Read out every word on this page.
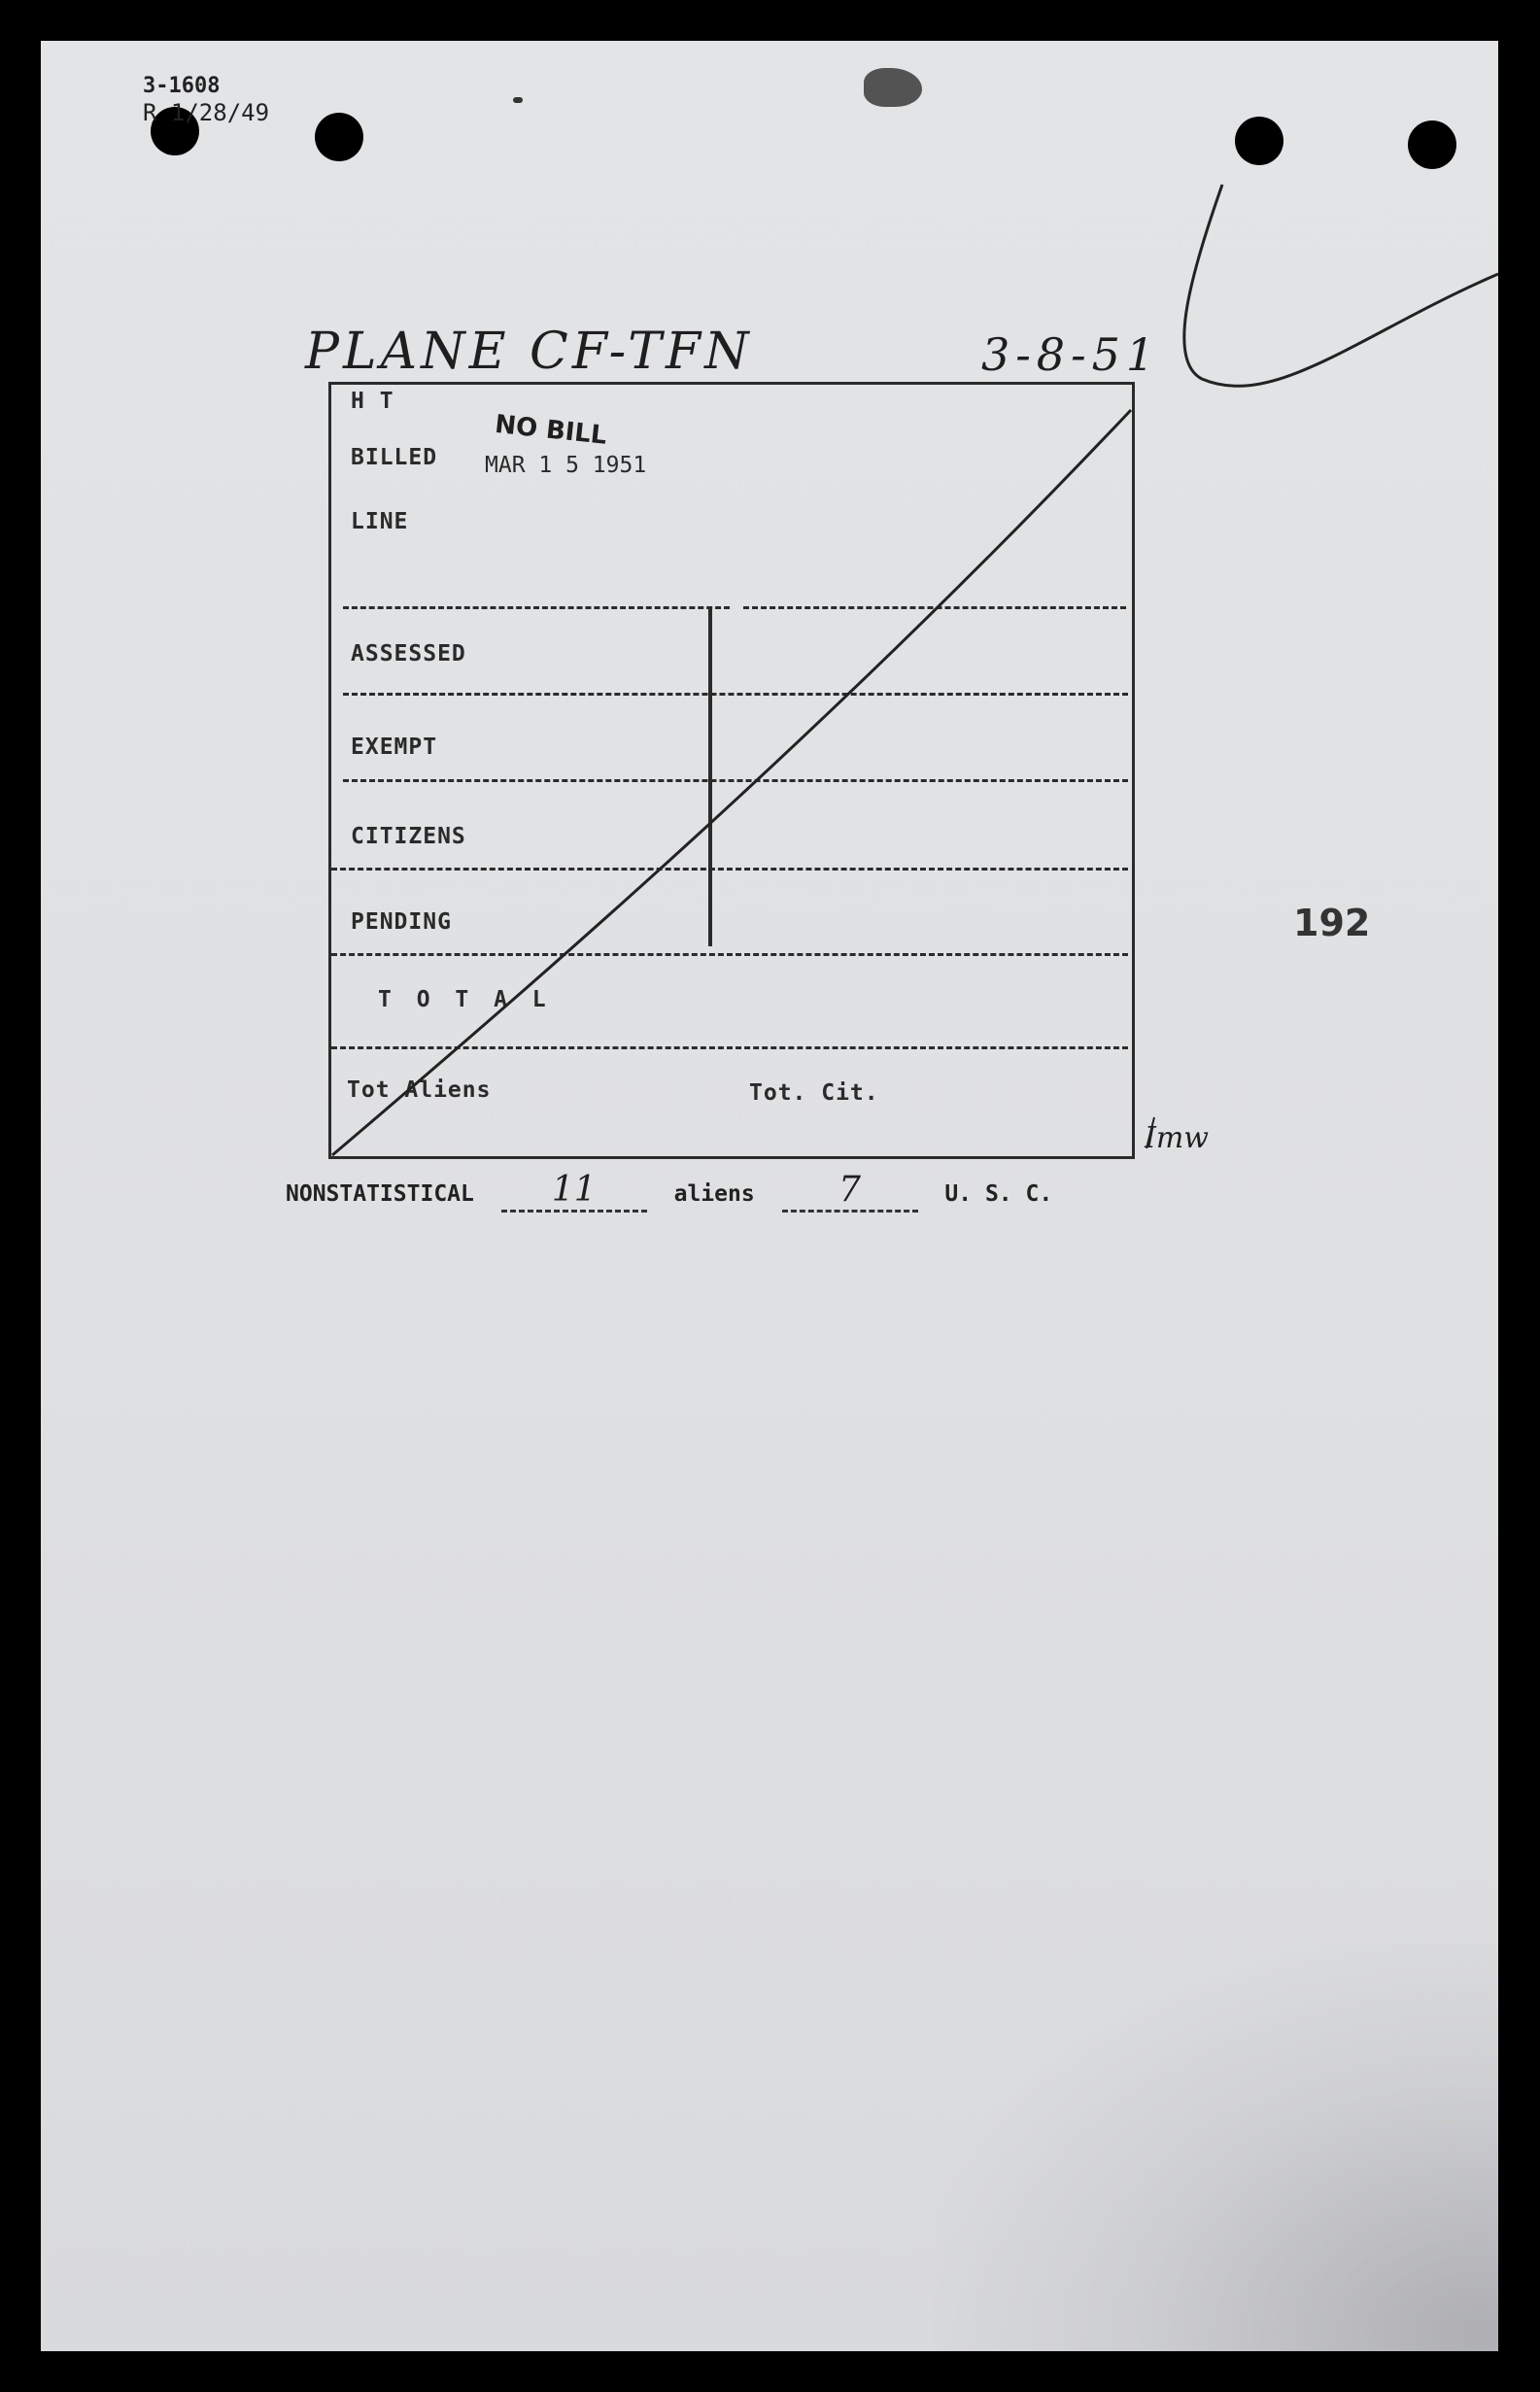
3-1608
R 1/28/49
PLANE CF-TFN	3-8-51
192
Imw
H T
BILLED
LINE
NO BILL
MAR 1 5 1951
ASSESSED
EXEMPT
CITIZENS
PENDING
T O T A L
Tot Aliens	Tot. Cit.
NONSTATISTICAL 11	aliens 7	U. S. C.
